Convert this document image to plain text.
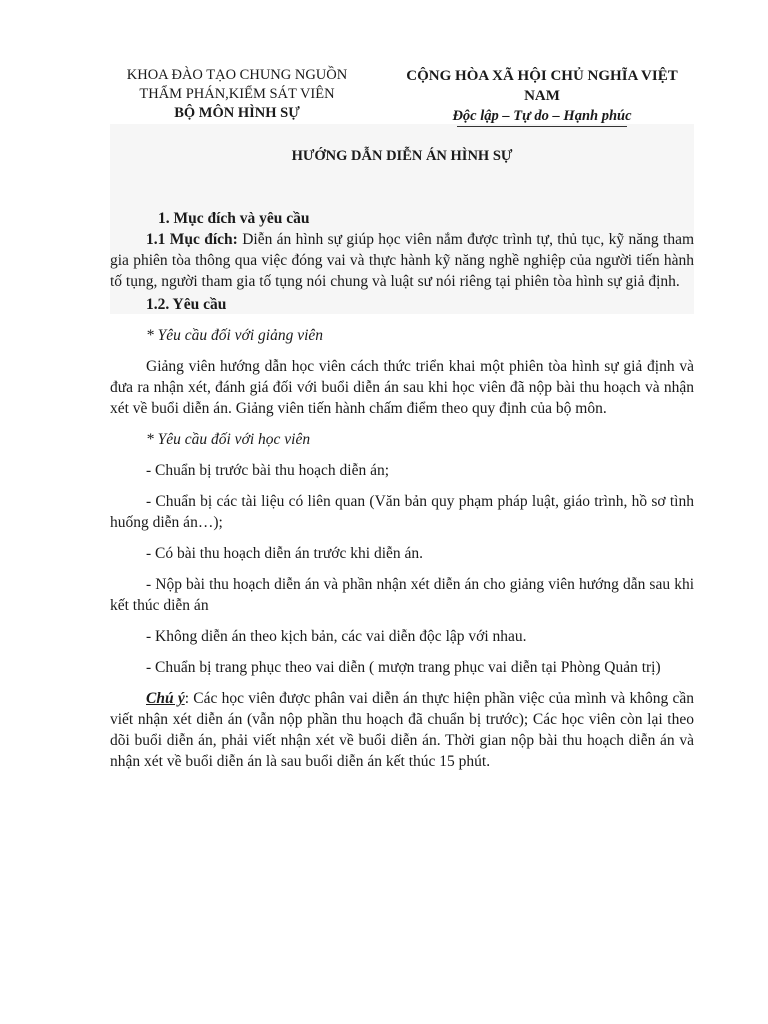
KHOA ĐÀO TẠO CHUNG NGUỒN
THẨM PHÁN,KIỂM SÁT VIÊN
BỘ MÔN HÌNH SỰ
CỘNG HÒA XÃ HỘI CHỦ NGHĨA VIỆT NAM
Độc lập – Tự do – Hạnh phúc
HƯỚNG DẪN DIỄN ÁN HÌNH SỰ

1. Mục đích và yêu cầu

1.1 Mục đích: Diễn án hình sự giúp học viên nắm được trình tự, thủ tục, kỹ năng tham gia phiên tòa thông qua việc đóng vai và thực hành kỹ năng nghề nghiệp của người tiến hành tố tụng, người tham gia tố tụng nói chung và luật sư nói riêng tại phiên tòa hình sự giả định.

1.2. Yêu cầu

* Yêu cầu đối với giảng viên

Giảng viên hướng dẫn học viên cách thức triển khai một phiên tòa hình sự giả định và đưa ra nhận xét, đánh giá đối với buổi diễn án sau khi học viên đã nộp bài thu hoạch và nhận xét về buổi diễn án. Giảng viên tiến hành chấm điểm theo quy định của bộ môn.

* Yêu cầu đối với học viên

- Chuẩn bị trước bài thu hoạch diễn án;

- Chuẩn bị các tài liệu có liên quan (Văn bản quy phạm pháp luật, giáo trình, hồ sơ tình huống diễn án…);

- Có bài thu hoạch diễn án trước khi diễn án.

- Nộp bài thu hoạch diễn án và phần nhận xét diễn án cho giảng viên hướng dẫn sau khi kết thúc diễn án

- Không diễn án theo kịch bản, các vai diễn độc lập với nhau.

- Chuẩn bị trang phục theo vai diễn ( mượn trang phục vai diễn tại Phòng Quản trị)

Chú ý: Các học viên được phân vai diễn án thực hiện phần việc của mình và không cần viết nhận xét diễn án (vẫn nộp phần thu hoạch đã chuẩn bị trước); Các học viên còn lại theo dõi buổi diễn án, phải viết nhận xét về buổi diễn án. Thời gian nộp bài thu hoạch diễn án và nhận xét về buổi diễn án là sau buổi diễn án kết thúc 15 phút.
